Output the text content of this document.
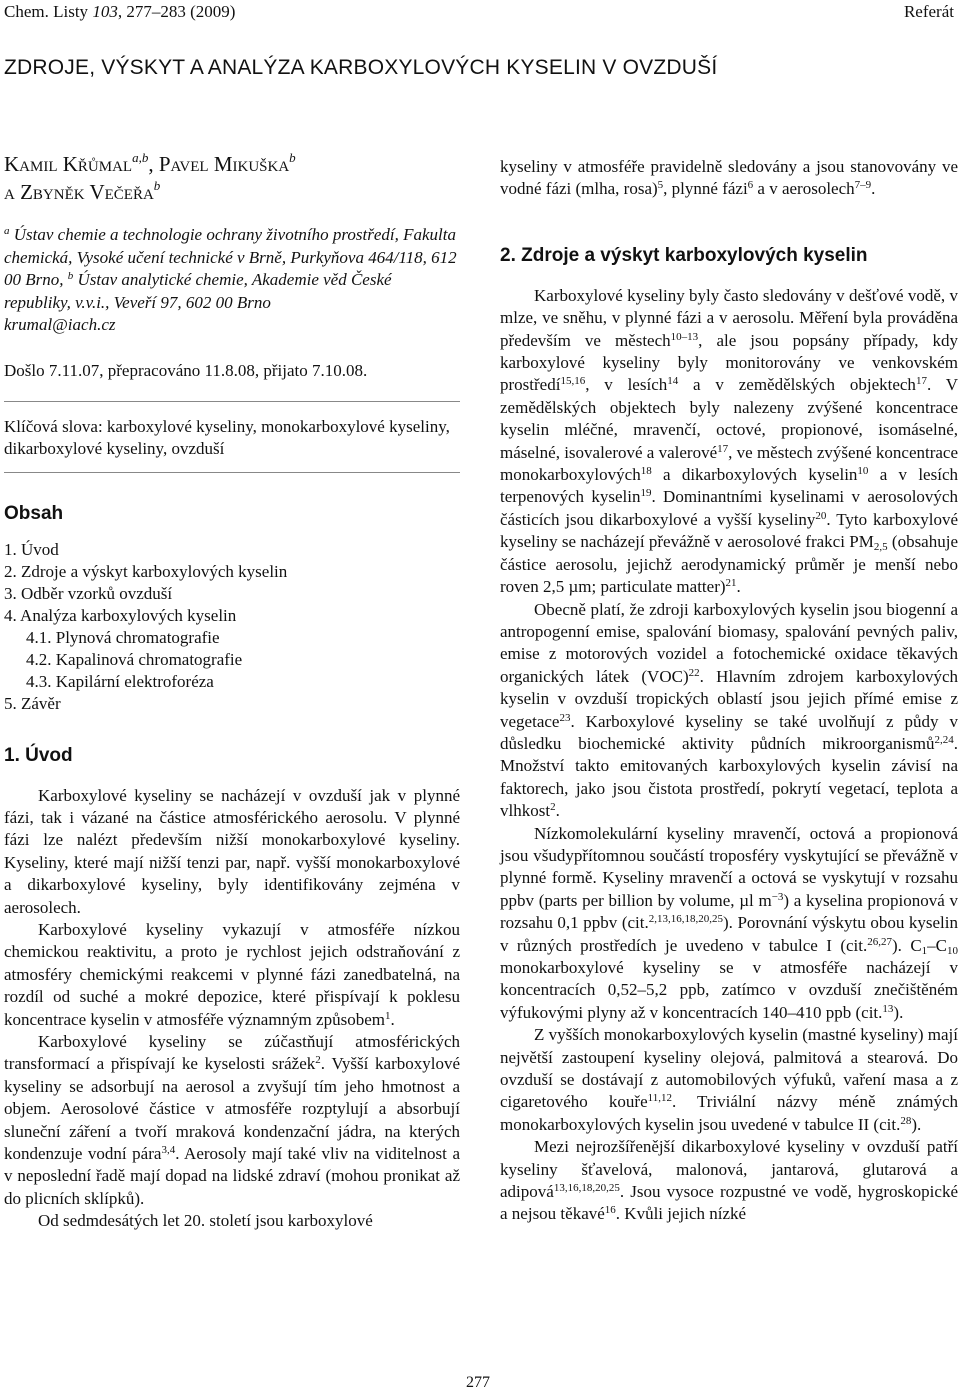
Chem. Listy 103, 277–283 (2009)	Referát
ZDROJE, VÝSKYT A ANALÝZA KARBOXYLOVÝCH KYSELIN V OVZDUŠÍ

Kamil Křůmal$^{a,b}$, Pavel Mikuška$^b$
a Zbyněk Večeřa$^b$

$^a$ Ústav chemie a technologie ochrany životního prostředí, Fakulta chemická, Vysoké učení technické v Brně, Purkyňova 464/118, 612 00 Brno, $^b$ Ústav analytické chemie, Akademie věd České republiky, v.v.i., Veveří 97, 602 00 Brno
krumal@iach.cz
Došlo 7.11.07, přepracováno 11.8.08, přijato 7.10.08.
Klíčová slova: karboxylové kyseliny, monokarboxylové kyseliny, dikarboxylové kyseliny, ovzduší
Obsah
1. Úvod
2. Zdroje a výskyt karboxylových kyselin
3. Odběr vzorků ovzduší
4. Analýza karboxylových kyselin
4.1. Plynová chromatografie
4.2. Kapalinová chromatografie
4.3. Kapilární elektroforéza
5. Závěr
1. Úvod

Karboxylové kyseliny se nacházejí v ovzduší jak v plynné fázi, tak i vázané na částice atmosférického aerosolu. V plynné fázi lze nalézt především nižší monokarboxylové kyseliny. Kyseliny, které mají nižší tenzi par, např. vyšší monokarboxylové a dikarboxylové kyseliny, byly identifikovány zejména v aerosolech.

Karboxylové kyseliny vykazují v atmosféře nízkou chemickou reaktivitu, a proto je rychlost jejich odstraňování z atmosféry chemickými reakcemi v plynné fázi zanedbatelná, na rozdíl od suché a mokré depozice, které přispívají k poklesu koncentrace kyselin v atmosféře významným způsobem$^1$.

Karboxylové kyseliny se zúčastňují atmosférických transformací a přispívají ke kyselosti srážek$^2$. Vyšší karboxylové kyseliny se adsorbují na aerosol a zvyšují tím jeho hmotnost a objem. Aerosolové částice v atmosféře rozptylují a absorbují sluneční záření a tvoří mraková kondenzační jádra, na kterých kondenzuje vodní pára$^{3,4}$. Aerosoly mají také vliv na viditelnost a v neposlední řadě mají dopad na lidské zdraví (mohou pronikat až do plicních sklípků).

Od sedmdesátých let 20. století jsou karboxylové

kyseliny v atmosféře pravidelně sledovány a jsou stanovovány ve vodné fázi (mlha, rosa)$^5$, plynné fázi$^6$ a v aerosolech$^{7-9}$.

2. Zdroje a výskyt karboxylových kyselin

Karboxylové kyseliny byly často sledovány v dešťové vodě, v mlze, ve sněhu, v plynné fázi a v aerosolu. Měření byla prováděna především ve městech$^{10-13}$, ale jsou popsány případy, kdy karboxylové kyseliny byly monitorovány ve venkovském prostředí$^{15,16}$, v lesích$^{14}$ a v zemědělských objektech$^{17}$. V zemědělských objektech byly nalezeny zvýšené koncentrace kyselin mléčné, mravenčí, octové, propionové, isomáselné, máselné, isovalerové a valerové$^{17}$, ve městech zvýšené koncentrace monokarboxylových$^{18}$ a dikarboxylových kyselin$^{10}$ a v lesích terpenových kyselin$^{19}$. Dominantními kyselinami v aerosolových částicích jsou dikarboxylové a vyšší kyseliny$^{20}$. Tyto karboxylové kyseliny se nacházejí převážně v aerosolové frakci $PM_{2,5}$ (obsahuje částice aerosolu, jejichž aerodynamický průměr je menší nebo roven 2,5 µm; particulate matter)$^{21}$.

Obecně platí, že zdroji karboxylových kyselin jsou biogenní a antropogenní emise, spalování biomasy, spalování pevných paliv, emise z motorových vozidel a fotochemické oxidace těkavých organických látek (VOC)$^{22}$. Hlavním zdrojem karboxylových kyselin v ovzduší tropických oblastí jsou jejich přímé emise z vegetace$^{23}$. Karboxylové kyseliny se také uvolňují z půdy v důsledku biochemické aktivity půdních mikroorganismů$^{2,24}$. Množství takto emitovaných karboxylových kyselin závisí na faktorech, jako jsou čistota prostředí, pokrytí vegetací, teplota a vlhkost$^2$.

Nízkomolekulární kyseliny mravenčí, octová a propionová jsou všudypřítomnou součástí troposféry vyskytující se převážně v plynné formě. Kyseliny mravenčí a octová se vyskytují v rozsahu ppbv (parts per billion by volume, µl $m^{-3}$) a kyselina propionová v rozsahu 0,1 ppbv (cit.$^{2,13,16,18,20,25}$). Porovnání výskytu obou kyselin v různých prostředích je uvedeno v tabulce I (cit.$^{26,27}$). $C_1-C_{10}$ monokarboxylové kyseliny se v atmosféře nacházejí v koncentracích 0,52–5,2 ppb, zatímco v ovzduší znečištěném výfukovými plyny až v koncentracích 140–410 ppb (cit.$^{13}$).

Z vyšších monokarboxylových kyselin (mastné kyseliny) mají největší zastoupení kyseliny olejová, palmitová a stearová. Do ovzduší se dostávají z automobilových výfuků, vaření masa a z cigaretového kouře$^{11,12}$. Triviální názvy méně známých monokarboxylových kyselin jsou uvedené v tabulce II (cit.$^{28}$).

Mezi nejrozšířenější dikarboxylové kyseliny v ovzduší patří kyseliny šťavelová, malonová, jantarová, glutarová a adipová$^{13,16,18,20,25}$. Jsou vysoce rozpustné ve vodě, hygroskopické a nejsou těkavé$^{16}$. Kvůli jejich nízké

277
